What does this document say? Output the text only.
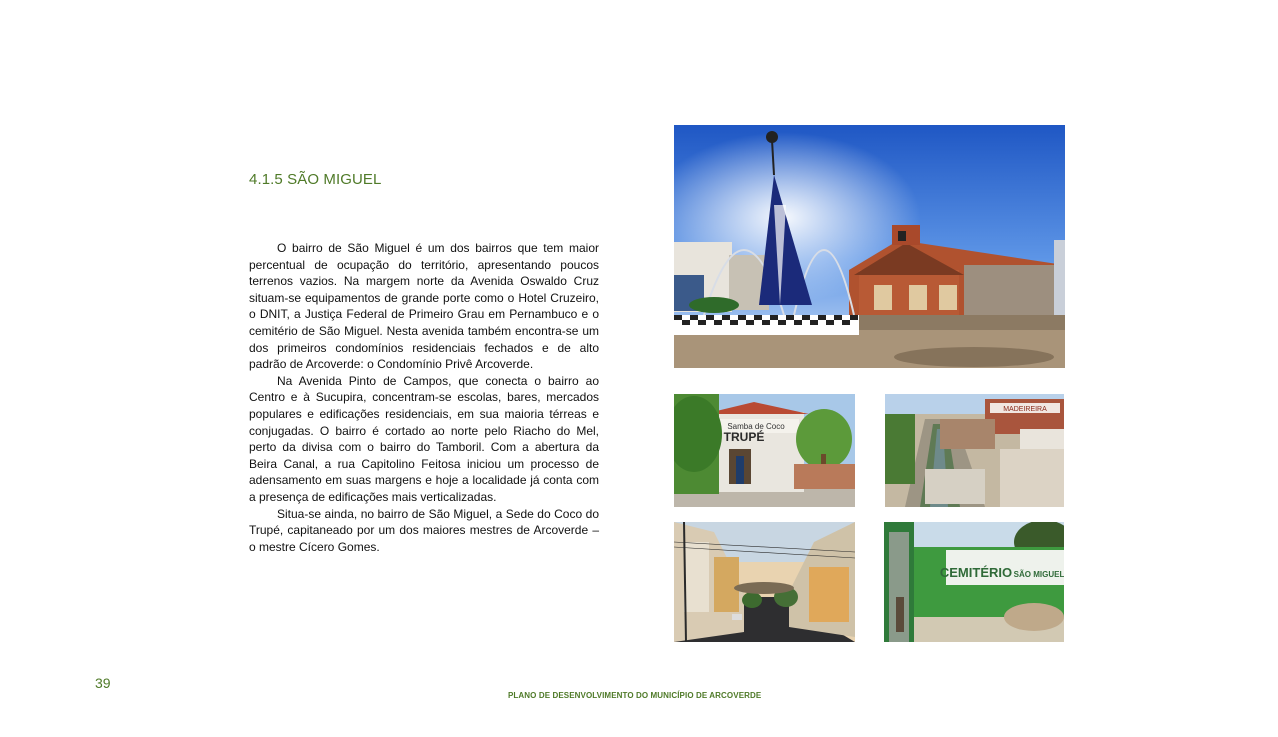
4.1.5 SÃO MIGUEL

O bairro de São Miguel é um dos bairros que tem maior percentual de ocupação do território, apresentando poucos terrenos vazios. Na margem norte da Avenida Oswaldo Cruz situam-se equipamentos de grande porte como o Hotel Cruzeiro, o DNIT, a Justiça Federal de Primeiro Grau em Pernambuco e o cemitério de São Miguel. Nesta avenida também encontra-se um dos primeiros condomínios residenciais fechados e de alto padrão de Arcoverde: o Condomínio Privê Arcoverde.

Na Avenida Pinto de Campos, que conecta o bairro ao Centro e à Sucupira, concentram-se escolas, bares, mercados populares e edificações residenciais, em sua maioria térreas e conjugadas. O bairro é cortado ao norte pelo Riacho do Mel, perto da divisa com o bairro do Tamboril. Com a abertura da Beira Canal, a rua Capitolino Feitosa iniciou um processo de adensamento em suas margens e hoje a localidade já conta com a presença de edificações mais verticalizadas.

Situa-se ainda, no bairro de São Miguel, a Sede do Coco do Trupé, capitaneado por um dos maiores mestres de Arcoverde – o mestre Cícero Gomes.

Samba de Coco
TRUPÉ
MADEIREIRA
CEMITÉRIO SÃO MIGUEL
39
PLANO DE DESENVOLVIMENTO DO MUNICÍPIO DE ARCOVERDE
